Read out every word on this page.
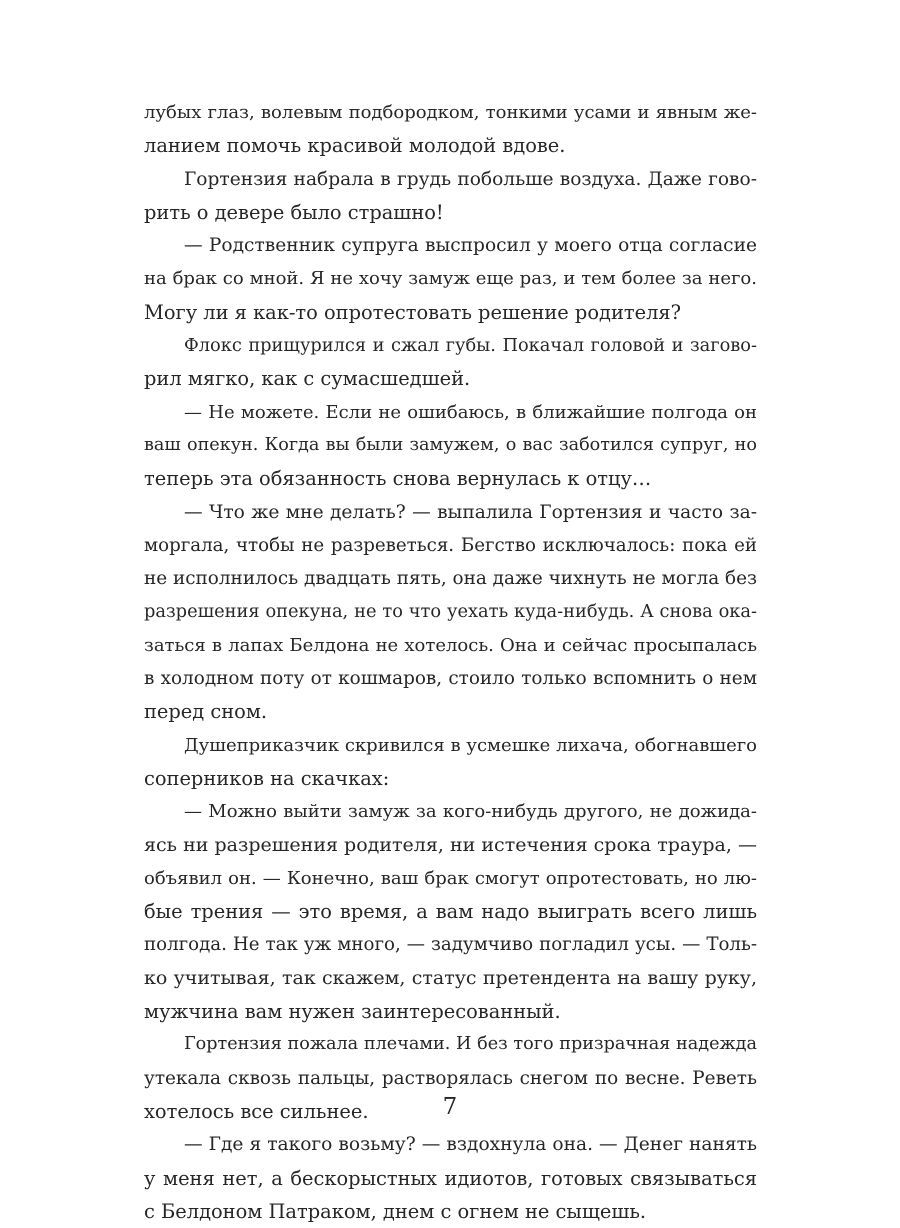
лубых глаз, волевым подбородком, тонкими усами и явным же-
ланием помочь красивой молодой вдове.
Гортензия набрала в грудь побольше воздуха. Даже гово-
рить о девере было страшно!
— Родственник супруга выспросил у моего отца согласие
на брак со мной. Я не хочу замуж еще раз, и тем более за него.
Могу ли я как-то опротестовать решение родителя?
Флокс прищурился и сжал губы. Покачал головой и загово-
рил мягко, как с сумасшедшей.
— Не можете. Если не ошибаюсь, в ближайшие полгода он
ваш опекун. Когда вы были замужем, о вас заботился супруг, но
теперь эта обязанность снова вернулась к отцу…
— Что же мне делать? — выпалила Гортензия и часто за-
моргала, чтобы не разреветься. Бегство исключалось: пока ей
не исполнилось двадцать пять, она даже чихнуть не могла без
разрешения опекуна, не то что уехать куда-нибудь. А снова ока-
заться в лапах Белдона не хотелось. Она и сейчас просыпалась
в холодном поту от кошмаров, стоило только вспомнить о нем
перед сном.
Душеприказчик скривился в усмешке лихача, обогнавшего
соперников на скачках:
— Можно выйти замуж за кого-нибудь другого, не дожида-
ясь ни разрешения родителя, ни истечения срока траура, —
объявил он. — Конечно, ваш брак смогут опротестовать, но лю-
бые трения — это время, а вам надо выиграть всего лишь
полгода. Не так уж много, — задумчиво погладил усы. — Толь-
ко учитывая, так скажем, статус претендента на вашу руку,
мужчина вам нужен заинтересованный.
Гортензия пожала плечами. И без того призрачная надежда
утекала сквозь пальцы, растворялась снегом по весне. Реветь
хотелось все сильнее.
— Где я такого возьму? — вздохнула она. — Денег нанять
у меня нет, а бескорыстных идиотов, готовых связываться
с Белдоном Патраком, днем с огнем не сыщешь.
7
